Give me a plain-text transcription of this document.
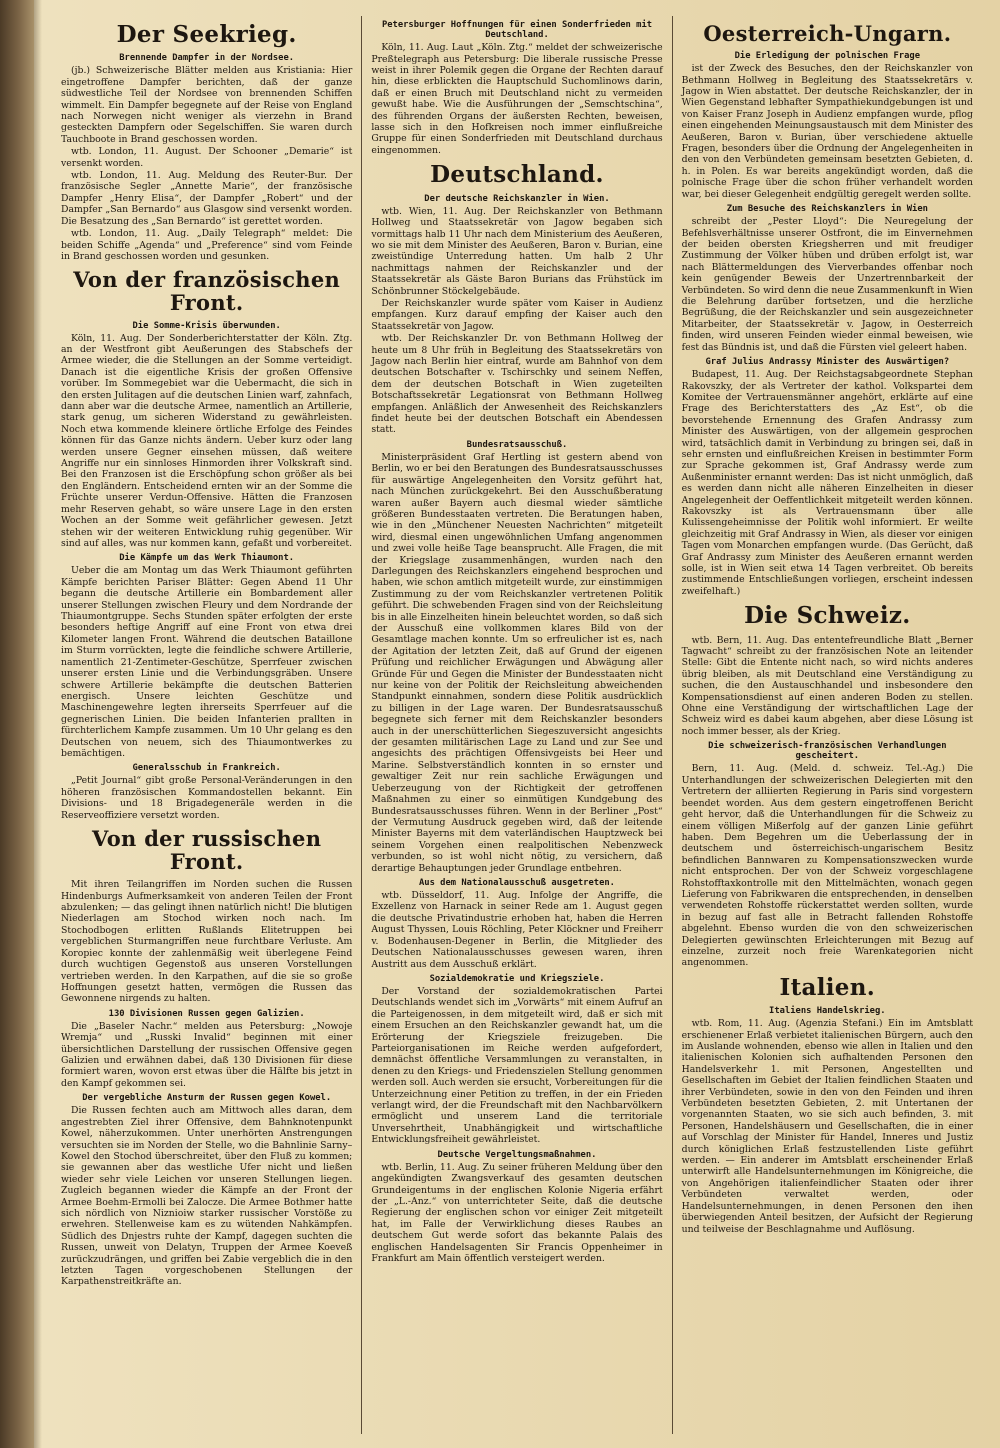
Der Seekrieg.
Brennende Dampfer in der Nordsee.

(jb.) Schweizerische Blätter melden aus Kristiania: Hier eingetroffene Dampfer berichten, daß der ganze südwestliche Teil der Nordsee von brennenden Schiffen wimmelt. Ein Dampfer begegnete auf der Reise von England nach Norwegen nicht weniger als vierzehn in Brand gesteckten Dampfern oder Segelschiffen. Sie waren durch Tauchboote in Brand geschossen worden.

wtb. London, 11. August. Der Schooner „Demarie“ ist versenkt worden.

wtb. London, 11. Aug. Meldung des Reuter-Bur. Der französische Segler „Annette Marie“, der französische Dampfer „Henry Elisa“, der Dampfer „Robert“ und der Dampfer „San Bernardo“ aus Glasgow sind versenkt worden. Die Besatzung des „San Bernardo“ ist gerettet worden.

wtb. London, 11. Aug. „Daily Telegraph“ meldet: Die beiden Schiffe „Agenda“ und „Preference“ sind vom Feinde in Brand geschossen worden und gesunken.

Von der französischen Front.
Die Somme-Krisis überwunden.

Köln, 11. Aug. Der Sonderberichterstatter der Köln. Ztg. an der Westfront gibt Aeußerungen des Stabschefs der Armee wieder, die die Stellungen an der Somme verteidigt. Danach ist die eigentliche Krisis der großen Offensive vorüber. Im Sommegebiet war die Uebermacht, die sich in den ersten Julitagen auf die deutschen Linien warf, zahnfach, dann aber war die deutsche Armee, namentlich an Artillerie, stark genug, um sicheren Widerstand zu gewährleisten. Noch etwa kommende kleinere örtliche Erfolge des Feindes können für das Ganze nichts ändern. Ueber kurz oder lang werden unsere Gegner einsehen müssen, daß weitere Angriffe nur ein sinnloses Hinmorden ihrer Volkskraft sind. Bei den Franzosen ist die Erschöpfung schon größer als bei den Engländern. Entscheidend ernten wir an der Somme die Früchte unserer Verdun-Offensive. Hätten die Franzosen mehr Reserven gehabt, so wäre unsere Lage in den ersten Wochen an der Somme weit gefährlicher gewesen. Jetzt stehen wir der weiteren Entwicklung ruhig gegenüber. Wir sind auf alles, was nur kommen kann, gefaßt und vorbereitet.

Die Kämpfe um das Werk Thiaumont.

Ueber die am Montag um das Werk Thiaumont geführten Kämpfe berichten Pariser Blätter: Gegen Abend 11 Uhr begann die deutsche Artillerie ein Bombardement aller unserer Stellungen zwischen Fleury und dem Nordrande der Thiaumontgruppe. Sechs Stunden später erfolgten der erste besonders heftige Angriff auf eine Front von etwa drei Kilometer langen Front. Während die deutschen Bataillone im Sturm vorrückten, legte die feindliche schwere Artillerie, namentlich 21-Zentimeter-Geschütze, Sperrfeuer zwischen unserer ersten Linie und die Verbindungsgräben. Unsere schwere Artillerie bekämpfte die deutschen Batterien energisch. Unsere leichten Geschütze und Maschinengewehre legten ihrerseits Sperrfeuer auf die gegnerischen Linien. Die beiden Infanterien prallten in fürchterlichem Kampfe zusammen. Um 10 Uhr gelang es den Deutschen von neuem, sich des Thiaumontwerkes zu bemächtigen.

Generalsschub in Frankreich.

„Petit Journal“ gibt große Personal-Veränderungen in den höheren französischen Kommandostellen bekannt. Ein Divisions- und 18 Brigadegeneräle werden in die Reserveoffiziere versetzt worden.

Von der russischen Front.

Mit ihren Teilangriffen im Norden suchen die Russen Hindenburgs Aufmerksamkeit von anderen Teilen der Front abzulenken; — das gelingt ihnen natürlich nicht! Die blutigen Niederlagen am Stochod wirken noch nach. Im Stochodbogen erlitten Rußlands Elitetruppen bei vergeblichen Sturmangriffen neue furchtbare Verluste. Am Koropiec konnte der zahlenmäßig weit überlegene Feind durch wuchtigen Gegenstoß aus unseren Vorstellungen vertrieben werden. In den Karpathen, auf die sie so große Hoffnungen gesetzt hatten, vermögen die Russen das Gewonnene nirgends zu halten.

130 Divisionen Russen gegen Galizien.

Die „Baseler Nachr.“ melden aus Petersburg: „Nowoje Wremja“ und „Russki Invalid“ beginnen mit einer übersichtlichen Darstellung der russischen Offensive gegen Galizien und erwähnen dabei, daß 130 Divisionen für diese formiert waren, wovon erst etwas über die Hälfte bis jetzt in den Kampf gekommen sei.

Der vergebliche Ansturm der Russen gegen Kowel.

Die Russen fechten auch am Mittwoch alles daran, dem angestrebten Ziel ihrer Offensive, dem Bahnknotenpunkt Kowel, näherzukommen. Unter unerhörten Anstrengungen versuchten sie im Norden der Stelle, wo die Bahnlinie Sarny–Kowel den Stochod überschreitet, über den Fluß zu kommen; sie gewannen aber das westliche Ufer nicht und ließen wieder sehr viele Leichen vor unseren Stellungen liegen. Zugleich begannen wieder die Kämpfe an der Front der Armee Boehm-Ermolli bei Zalocze. Die Armee Bothmer hatte sich nördlich von Niznioiw starker russischer Vorstöße zu erwehren. Stellenweise kam es zu wütenden Nahkämpfen. Südlich des Dnjestrs ruhte der Kampf, dagegen suchten die Russen, unweit von Delatyn, Truppen der Armee Koeveß zurückzudrängen, und griffen bei Zabie vergeblich die in den letzten Tagen vorgeschobenen Stellungen der Karpathenstreitkräfte an.

Petersburger Hoffnungen für einen Sonderfrieden mit Deutschland.

Köln, 11. Aug. Laut „Köln. Ztg.“ meldet der schweizerische Preßtelegraph aus Petersburg: Die liberale russische Presse weist in ihrer Polemik gegen die Organe der Rechten darauf hin, diese erblickten die Hauptschuld Suchomlinows darin, daß er einen Bruch mit Deutschland nicht zu vermeiden gewußt habe. Wie die Ausführungen der „Semschtschina“, des führenden Organs der äußersten Rechten, beweisen, lasse sich in den Hofkreisen noch immer einflußreiche Gruppe für einen Sonderfrieden mit Deutschland durchaus eingenommen.

Deutschland.
Der deutsche Reichskanzler in Wien.

wtb. Wien, 11. Aug. Der Reichskanzler von Bethmann Hollweg und Staatssekretär von Jagow begaben sich vormittags halb 11 Uhr nach dem Ministerium des Aeußeren, wo sie mit dem Minister des Aeußeren, Baron v. Burian, eine zweistündige Unterredung hatten. Um halb 2 Uhr nachmittags nahmen der Reichskanzler und der Staatssekretär als Gäste Baron Burians das Frühstück im Schönbrunner Stöckelgebäude.

Der Reichskanzler wurde später vom Kaiser in Audienz empfangen. Kurz darauf empfing der Kaiser auch den Staatssekretär von Jagow.

wtb. Der Reichskanzler Dr. von Bethmann Hollweg der heute um 8 Uhr früh in Begleitung des Staatssekretärs von Jagow nach Berlin hier eintraf, wurde am Bahnhof von dem deutschen Botschafter v. Tschirschky und seinem Neffen, dem der deutschen Botschaft in Wien zugeteilten Botschaftssekretär Legationsrat von Bethmann Hollweg empfangen. Anläßlich der Anwesenheit des Reichskanzlers findet heute bei der deutschen Botschaft ein Abendessen statt.

Bundesratsausschuß.

Ministerpräsident Graf Hertling ist gestern abend von Berlin, wo er bei den Beratungen des Bundesratsausschusses für auswärtige Angelegenheiten den Vorsitz geführt hat, nach München zurückgekehrt. Bei den Ausschußberatung waren außer Bayern auch diesmal wieder sämtliche größeren Bundesstaaten vertreten. Die Beratungen haben, wie in den „Münchener Neuesten Nachrichten“ mitgeteilt wird, diesmal einen ungewöhnlichen Umfang angenommen und zwei volle heiße Tage beansprucht. Alle Fragen, die mit der Kriegslage zusammenhängen, wurden nach den Darlegungen des Reichskanzlers eingehend besprochen und haben, wie schon amtlich mitgeteilt wurde, zur einstimmigen Zustimmung zu der vom Reichskanzler vertretenen Politik geführt. Die schwebenden Fragen sind von der Reichsleitung bis in alle Einzelheiten hinein beleuchtet worden, so daß sich der Ausschuß eine vollkommen klares Bild von der Gesamtlage machen konnte. Um so erfreulicher ist es, nach der Agitation der letzten Zeit, daß auf Grund der eigenen Prüfung und reichlicher Erwägungen und Abwägung aller Gründe Für und Gegen die Minister der Bundesstaaten nicht nur keine von der Politik der Reichsleitung abweichenden Standpunkt einnahmen, sondern diese Politik ausdrücklich zu billigen in der Lage waren. Der Bundesratsausschuß begegnete sich ferner mit dem Reichskanzler besonders auch in der unerschütterlichen Siegeszuversicht angesichts der gesamten militärischen Lage zu Land und zur See und angesichts des prächtigen Offensivgeists bei Heer und Marine. Selbstverständlich konnten in so ernster und gewaltiger Zeit nur rein sachliche Erwägungen und Ueberzeugung von der Richtigkeit der getroffenen Maßnahmen zu einer so einmütigen Kundgebung des Bundesratsausschusses führen. Wenn in der Berliner „Post“ der Vermutung Ausdruck gegeben wird, daß der leitende Minister Bayerns mit dem vaterländischen Hauptzweck bei seinem Vorgehen einen realpolitischen Nebenzweck verbunden, so ist wohl nicht nötig, zu versichern, daß derartige Behauptungen jeder Grundlage entbehren.

Aus dem Nationalausschuß ausgetreten.

wtb. Düsseldorf, 11. Aug. Infolge der Angriffe, die Exzellenz von Harnack in seiner Rede am 1. August gegen die deutsche Privatindustrie erhoben hat, haben die Herren August Thyssen, Louis Röchling, Peter Klöckner und Freiherr v. Bodenhausen-Degener in Berlin, die Mitglieder des Deutschen Nationalausschusses gewesen waren, ihren Austritt aus dem Ausschuß erklärt.

Sozialdemokratie und Kriegsziele.

Der Vorstand der sozialdemokratischen Partei Deutschlands wendet sich im „Vorwärts“ mit einem Aufruf an die Parteigenossen, in dem mitgeteilt wird, daß er sich mit einem Ersuchen an den Reichskanzler gewandt hat, um die Erörterung der Kriegsziele freizugeben. Die Parteiorganisationen im Reiche werden aufgefordert, demnächst öffentliche Versammlungen zu veranstalten, in denen zu den Kriegs- und Friedenszielen Stellung genommen werden soll. Auch werden sie ersucht, Vorbereitungen für die Unterzeichnung einer Petition zu treffen, in der ein Frieden verlangt wird, der die Freundschaft mit den Nachbarvölkern ermöglicht und unserem Land die territoriale Unversehrtheit, Unabhängigkeit und wirtschaftliche Entwicklungsfreiheit gewährleistet.

Deutsche Vergeltungsmaßnahmen.

wtb. Berlin, 11. Aug. Zu seiner früheren Meldung über den angekündigten Zwangsverkauf des gesamten deutschen Grundeigentums in der englischen Kolonie Nigeria erfährt der „L.-Anz.“ von unterrichteter Seite, daß die deutsche Regierung der englischen schon vor einiger Zeit mitgeteilt hat, im Falle der Verwirklichung dieses Raubes an deutschem Gut werde sofort das bekannte Palais des englischen Handelsagenten Sir Francis Oppenheimer in Frankfurt am Main öffentlich versteigert werden.

Oesterreich-Ungarn.
Die Erledigung der polnischen Frage

ist der Zweck des Besuches, den der Reichskanzler von Bethmann Hollweg in Begleitung des Staatssekretärs v. Jagow in Wien abstattet. Der deutsche Reichskanzler, der in Wien Gegenstand lebhafter Sympathiekundgebungen ist und von Kaiser Franz Joseph in Audienz empfangen wurde, pflog einen eingehenden Meinungsaustausch mit dem Minister des Aeußeren, Baron v. Burian, über verschiedene aktuelle Fragen, besonders über die Ordnung der Angelegenheiten in den von den Verbündeten gemeinsam besetzten Gebieten, d. h. in Polen. Es war bereits angekündigt worden, daß die polnische Frage über die schon früher verhandelt worden war, bei dieser Gelegenheit endgültig geregelt werden sollte.

Zum Besuche des Reichskanzlers in Wien

schreibt der „Pester Lloyd“: Die Neuregelung der Befehlsverhältnisse unserer Ostfront, die im Einvernehmen der beiden obersten Kriegsherren und mit freudiger Zustimmung der Völker hüben und drüben erfolgt ist, war nach Blättermeldungen des Vierverbandes offenbar noch kein genügender Beweis der Unzertrennbarkeit der Verbündeten. So wird denn die neue Zusammenkunft in Wien die Belehrung darüber fortsetzen, und die herzliche Begrüßung, die der Reichskanzler und sein ausgezeichneter Mitarbeiter, der Staatssekretär v. Jagow, in Oesterreich finden, wird unseren Feinden wieder einmal beweisen, wie fest das Bündnis ist, und daß die Fürsten viel geleert haben.

Graf Julius Andrassy Minister des Auswärtigen?

Budapest, 11. Aug. Der Reichstagsabgeordnete Stephan Rakovszky, der als Vertreter der kathol. Volkspartei dem Komitee der Vertrauensmänner angehört, erklärte auf eine Frage des Berichterstatters des „Az Est“, ob die bevorstehende Ernennung des Grafen Andrassy zum Minister des Auswärtigen, von der allgemein gesprochen wird, tatsächlich damit in Verbindung zu bringen sei, daß in sehr ernsten und einflußreichen Kreisen in bestimmter Form zur Sprache gekommen ist, Graf Andrassy werde zum Außenminister ernannt werden: Das ist nicht unmöglich, daß es werden dann nicht alle näheren Einzelheiten in dieser Angelegenheit der Oeffentlichkeit mitgeteilt werden können. Rakovszky ist als Vertrauensmann über alle Kulissengeheimnisse der Politik wohl informiert. Er weilte gleichzeitig mit Graf Andrassy in Wien, als dieser vor einigen Tagen vom Monarchen empfangen wurde. (Das Gerücht, daß Graf Andrassy zum Minister des Aeußeren ernannt werden solle, ist in Wien seit etwa 14 Tagen verbreitet. Ob bereits zustimmende Entschließungen vorliegen, erscheint indessen zweifelhaft.)

Die Schweiz.

wtb. Bern, 11. Aug. Das ententefreundliche Blatt „Berner Tagwacht“ schreibt zu der französischen Note an leitender Stelle: Gibt die Entente nicht nach, so wird nichts anderes übrig bleiben, als mit Deutschland eine Verständigung zu suchen, die den Austauschhandel und insbesondere den Kompensationsdienst auf einen anderen Boden zu stellen. Ohne eine Verständigung der wirtschaftlichen Lage der Schweiz wird es dabei kaum abgehen, aber diese Lösung ist noch immer besser, als der Krieg.

Die schweizerisch-französischen Verhandlungen gescheitert.

Bern, 11. Aug. (Meld. d. schweiz. Tel.-Ag.) Die Unterhandlungen der schweizerischen Delegierten mit den Vertretern der alliierten Regierung in Paris sind vorgestern beendet worden. Aus dem gestern eingetroffenen Bericht geht hervor, daß die Unterhandlungen für die Schweiz zu einem völligen Mißerfolg auf der ganzen Linie geführt haben. Dem Begehren um die Ueberlassung der in deutschem und österreichisch-ungarischem Besitz befindlichen Bannwaren zu Kompensationszwecken wurde nicht entsprochen. Der von der Schweiz vorgeschlagene Rohstofftaxkontrolle mit den Mittelmächten, wonach gegen Lieferung von Fabrikwaren die entsprechenden, in denselben verwendeten Rohstoffe rückerstattet werden sollten, wurde in bezug auf fast alle in Betracht fallenden Rohstoffe abgelehnt. Ebenso wurden die von den schweizerischen Delegierten gewünschten Erleichterungen mit Bezug auf einzelne, zurzeit noch freie Warenkategorien nicht angenommen.

Italien.
Italiens Handelskrieg.

wtb. Rom, 11. Aug. (Agenzia Stefani.) Ein im Amtsblatt erschienener Erlaß verbietet italienischen Bürgern, auch den im Auslande wohnenden, ebenso wie allen in Italien und den italienischen Kolonien sich aufhaltenden Personen den Handelsverkehr 1. mit Personen, Angestellten und Gesellschaften im Gebiet der Italien feindlichen Staaten und ihrer Verbündeten, sowie in den von den Feinden und ihren Verbündeten besetzten Gebieten, 2. mit Untertanen der vorgenannten Staaten, wo sie sich auch befinden, 3. mit Personen, Handelshäusern und Gesellschaften, die in einer auf Vorschlag der Minister für Handel, Inneres und Justiz durch königlichen Erlaß festzustellenden Liste geführt werden. — Ein anderer im Amtsblatt erscheinender Erlaß unterwirft alle Handelsunternehmungen im Königreiche, die von Angehörigen italienfeindlicher Staaten oder ihrer Verbündeten verwaltet werden, oder Handelsunternehmungen, in denen Personen den ihen überwiegenden Anteil besitzen, der Aufsicht der Regierung und teilweise der Beschlagnahme und Auflösung.
